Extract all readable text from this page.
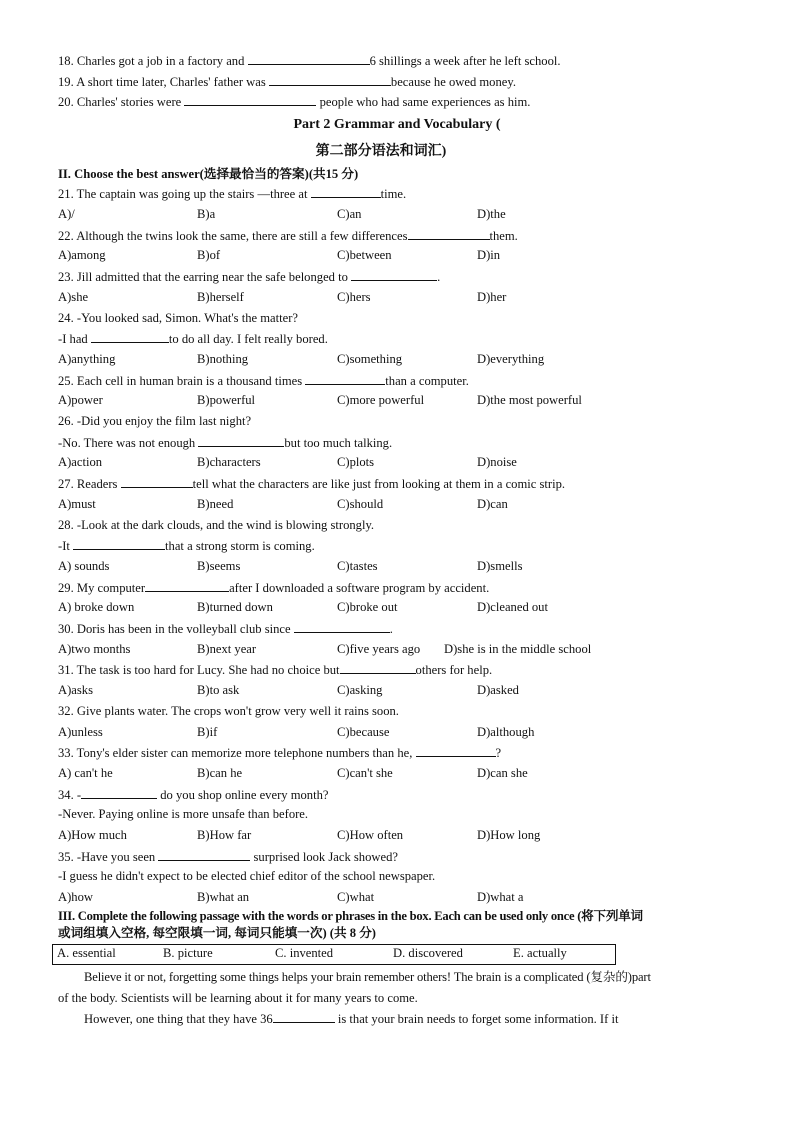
18. Charles got a job in a factory and	6 shillings a week after he left school.
19. A short time later, Charles' father was	because he owed money.
20. Charles' stories were	people who had same experiences as him.
Part 2 Grammar and Vocabulary (
第二部分语法和词汇)
II. Choose the best answer(选择最恰当的答案)(共15 分)
21. The captain was going up the stairs —three at	time.
A)/	B)a	C)an	D)the
22. Although the twins look the same, there are still a few differences	them.
A)among	B)of	C)between	D)in
23. Jill admitted that the earring near the safe belonged to	.
A)she	B)herself	C)hers	D)her
24. -You looked sad, Simon. What's the matter?
-I had	to do all day. I felt really bored.
A)anything	B)nothing	C)something	D)everything
25. Each cell in human brain is a thousand times	than a computer.
A)power	B)powerful	C)more powerful	D)the most powerful
26. -Did you enjoy the film last night?
-No. There was not enough	but too much talking.
A)action	B)characters	C)plots	D)noise
27. Readers	tell what the characters are like just from looking at them in a comic strip.
A)must	B)need	C)should	D)can
28. -Look at the dark clouds, and the wind is blowing strongly.
-It	that a strong storm is coming.
A) sounds	B)seems	C)tastes	D)smells
29. My computer	after I downloaded a software program by accident.
A) broke down	B)turned down	C)broke out	D)cleaned out
30. Doris has been in the volleyball club since	.
A)two months	B)next year	C)five years ago D)she is in the middle school
31. The task is too hard for Lucy. She had no choice but	others for help.
A)asks	B)to ask	C)asking	D)asked
32. Give plants water. The crops won't grow very well it rains soon.
A)unless	B)if	C)because	D)although
33. Tony's elder sister can memorize more telephone numbers than he,	?
A) can't he	B)can he	C)can't she	D)can she
34. -	do you shop online every month?
-Never. Paying online is more unsafe than before.
A)How much	B)How far	C)How often	D)How long
35. -Have you seen	surprised look Jack showed?
-I guess he didn't expect to be elected chief editor of the school newspaper.
A)how	B)what an	C)what	D)what a
III. Complete the following passage with the words or phrases in the box. Each can be used only once (将下列单词
或词组填入空格, 每空限填一词, 每词只能填一次) (共 8 分)
A. essential	B. picture	C. invented	D. discovered	E. actually
Believe it or not, forgetting some things helps your brain remember others! The brain is a complicated (复杂的)part
of the body. Scientists will be learning about it for many years to come.
However, one thing that they have 36	is that your brain needs to forget some information. If it
